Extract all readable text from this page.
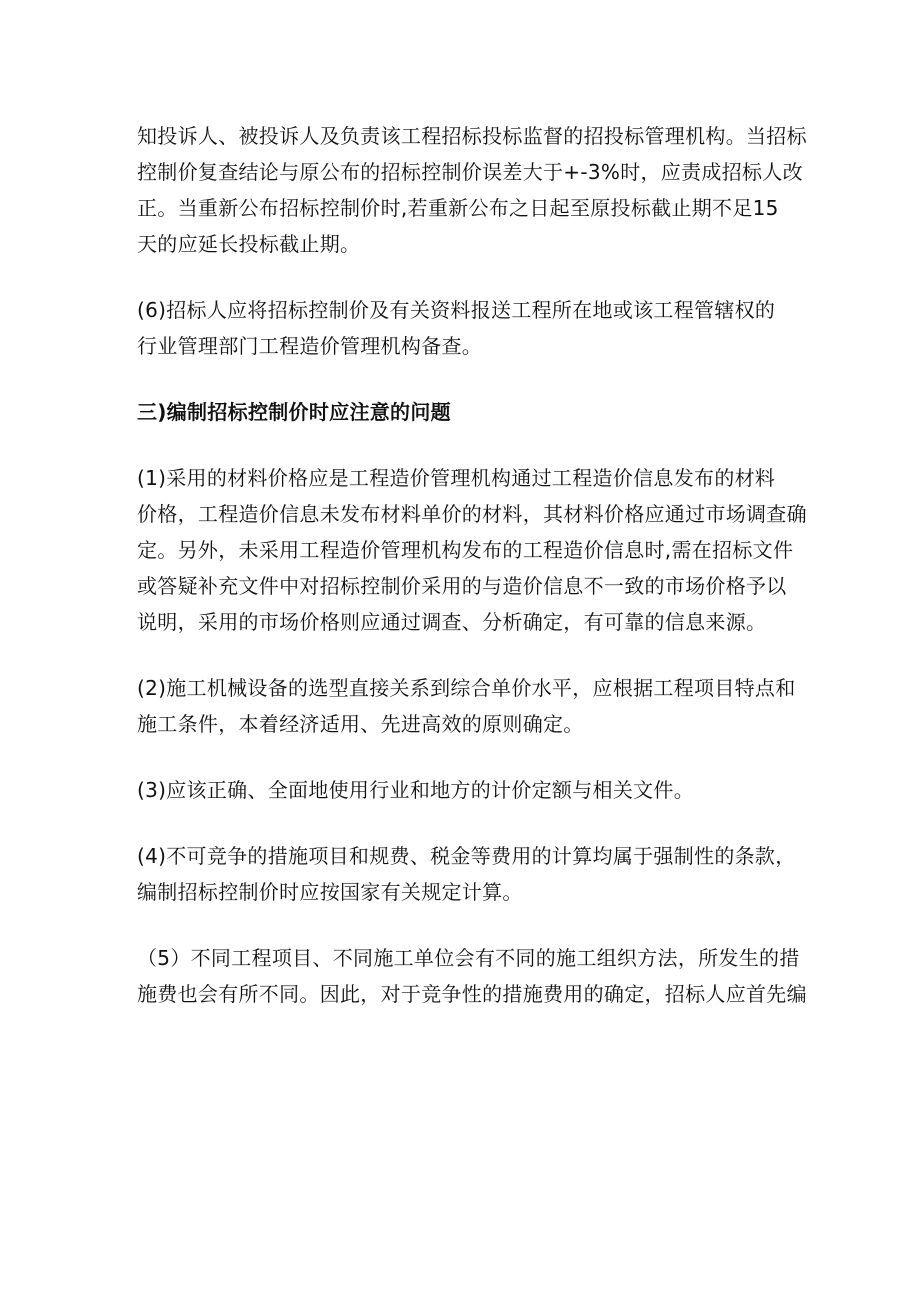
知投诉人、被投诉人及负责该工程招标投标监督的招投标管理机构。当招标
控制价复查结论与原公布的招标控制价误差大于+-3%时，应责成招标人改
正。当重新公布招标控制价时,若重新公布之日起至原投标截止期不足15
天的应延长投标截止期。
(6)招标人应将招标控制价及有关资料报送工程所在地或该工程管辖权的
行业管理部门工程造价管理机构备查。
三)编制招标控制价时应注意的问题
(1)采用的材料价格应是工程造价管理机构通过工程造价信息发布的材料
价格，工程造价信息未发布材料单价的材料，其材料价格应通过市场调查确
定。另外，未采用工程造价管理机构发布的工程造价信息时,需在招标文件
或答疑补充文件中对招标控制价采用的与造价信息不一致的市场价格予以
说明，采用的市场价格则应通过调查、分析确定，有可靠的信息来源。
(2)施工机械设备的选型直接关系到综合单价水平，应根据工程项目特点和
施工条件，本着经济适用、先进高效的原则确定。
(3)应该正确、全面地使用行业和地方的计价定额与相关文件。
(4)不可竞争的措施项目和规费、税金等费用的计算均属于强制性的条款，
编制招标控制价时应按国家有关规定计算。
（5）不同工程项目、不同施工单位会有不同的施工组织方法，所发生的措
施费也会有所不同。因此，对于竞争性的措施费用的确定，招标人应首先编
